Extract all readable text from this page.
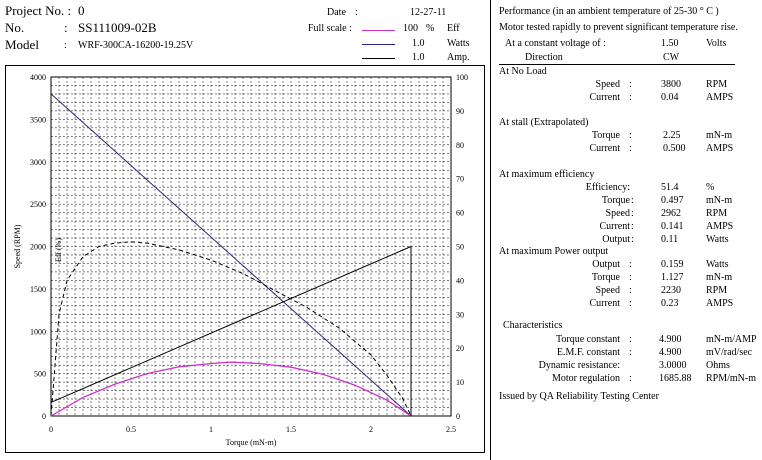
Project No. : 0
No.	: SS111009-02B
Model	: WRF-300CA-16200-19.25V
Date :	12-27-11
Full scale :	100 % Eff
1.0 Watts
1.0 Amp.
0
500
1000
1500
2000
2500
3000
3500
4000
0
10
20
30
40
50
60
70
80
90
100
0	0.5	1	1.5	2	2.5
Torque (mN-m)
Speed (RPM)	Eff (%)
Performance (in an ambient temperature of 25-30 ° C )
Motor tested rapidly to prevent significant temperature rise.
At a constant voltage of :	1.50	Volts
Direction	CW
At No Load
Speed :	3800	RPM
Current :	0.04	AMPS
At stall (Extrapolated)
Torque :	2.25	mN-m
Current :	0.500 AMPS
At maximum efficiency
Efficiency:	51.4	%
Torque :	0.497 mN-m
Speed :	2962	RPM
Current :	0.141 AMPS
Output :	0.11	Watts
At maximum Power output
Output :	0.159 Watts
Torque :	1.127 mN-m
Speed :	2230	RPM
Current :	0.23	AMPS
Characteristics
Torque constant :	4.900 mN-m/AMP
E.M.F. constant :	4.900 mV/rad/sec
Dynamic resistance:	3.0000 Ohms
Motor regulation :	1685.88 RPM/mN-m
Issued by QA Reliability Testing Center
